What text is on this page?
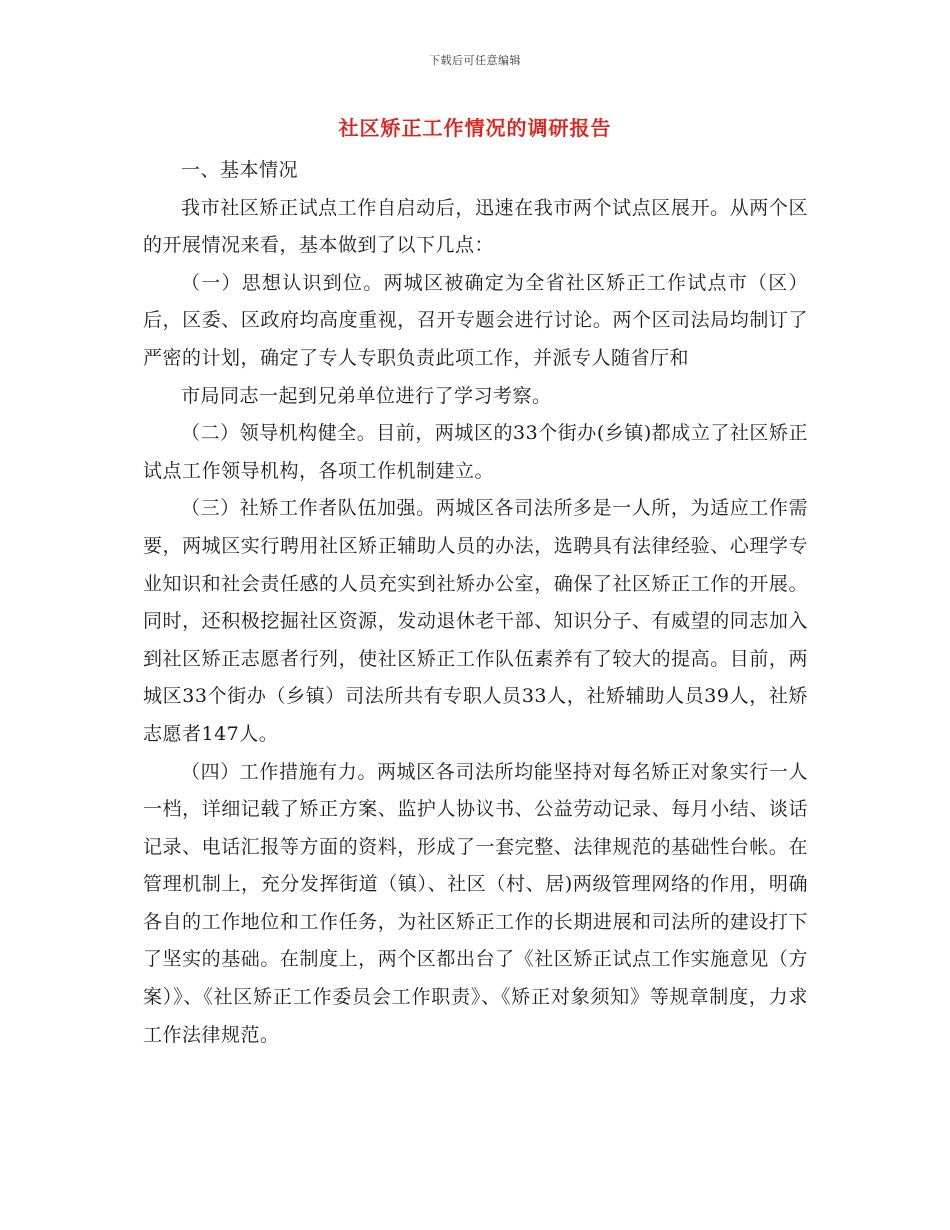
下载后可任意编辑
社区矫正工作情况的调研报告

一、基本情况

我市社区矫正试点工作自启动后，迅速在我市两个试点区展开。从两个区的开展情况来看，基本做到了以下几点：

（一）思想认识到位。两城区被确定为全省社区矫正工作试点市（区）后，区委、区政府均高度重视，召开专题会进行讨论。两个区司法局均制订了严密的计划，确定了专人专职负责此项工作，并派专人随省厅和

市局同志一起到兄弟单位进行了学习考察。

（二）领导机构健全。目前，两城区的33个街办(乡镇)都成立了社区矫正试点工作领导机构，各项工作机制建立。

（三）社矫工作者队伍加强。两城区各司法所多是一人所，为适应工作需要，两城区实行聘用社区矫正辅助人员的办法，选聘具有法律经验、心理学专业知识和社会责任感的人员充实到社矫办公室，确保了社区矫正工作的开展。同时，还积极挖掘社区资源，发动退休老干部、知识分子、有威望的同志加入到社区矫正志愿者行列，使社区矫正工作队伍素养有了较大的提高。目前，两城区33个街办（乡镇）司法所共有专职人员33人，社矫辅助人员39人，社矫志愿者147人。

（四）工作措施有力。两城区各司法所均能坚持对每名矫正对象实行一人一档，详细记载了矫正方案、监护人协议书、公益劳动记录、每月小结、谈话记录、电话汇报等方面的资料，形成了一套完整、法律规范的基础性台帐。在管理机制上，充分发挥街道（镇）、社区（村、居)两级管理网络的作用，明确各自的工作地位和工作任务，为社区矫正工作的长期进展和司法所的建设打下了坚实的基础。在制度上，两个区都出台了《社区矫正试点工作实施意见（方案）》、《社区矫正工作委员会工作职责》、《矫正对象须知》等规章制度，力求工作法律规范。
